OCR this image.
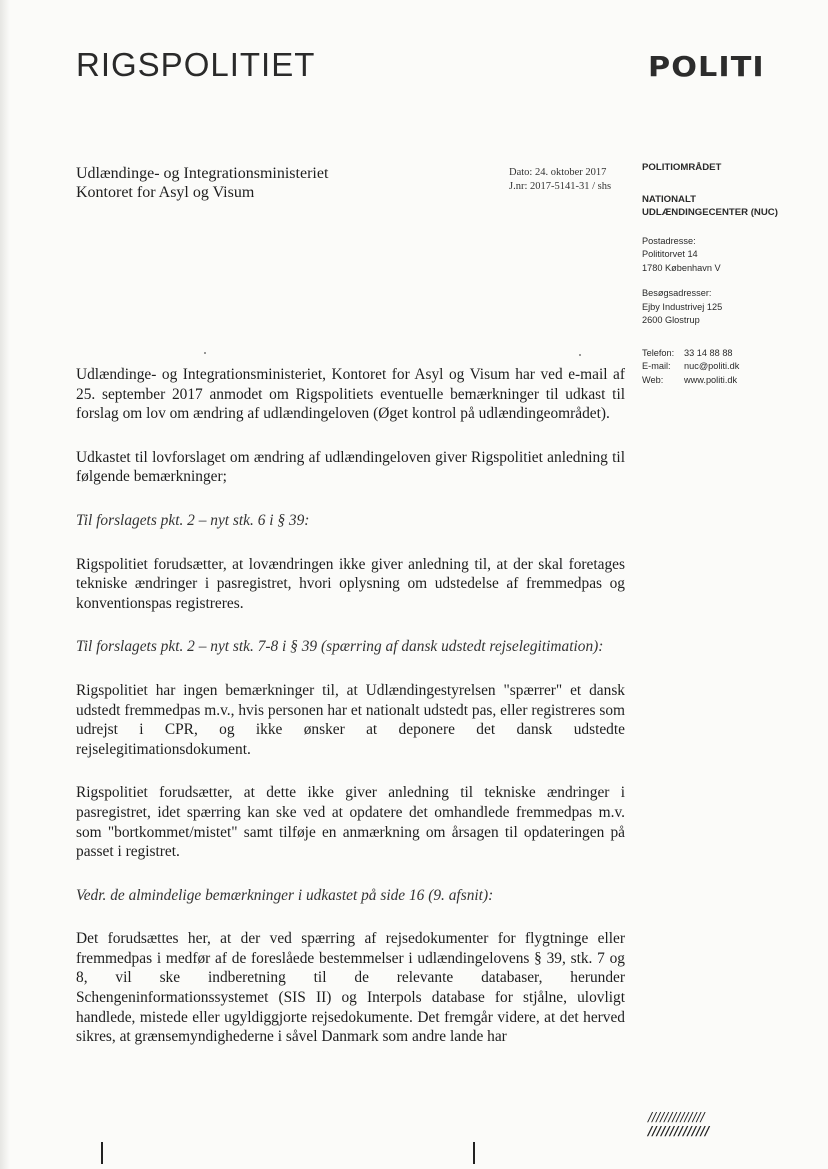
RIGSPOLITIET	POLITI
Udlændinge- og Integrationsministeriet
Kontoret for Asyl og Visum
Dato: 24. oktober 2017
J.nr: 2017-5141-31 / shs
POLITIOMRÅDET
NATIONALT
UDLÆNDINGECENTER (NUC)
Postadresse:
Polititorvet 14
1780 København V
Besøgsadresser:
Ejby Industrivej 125
2600 Glostrup
Telefon:	33 14 88 88
E-mail:	nuc@politi.dk
Web:	www.politi.dk

Udlændinge- og Integrationsministeriet, Kontoret for Asyl og Visum har ved e-mail af 25. september 2017 anmodet om Rigspolitiets eventuelle bemærkninger til udkast til forslag om lov om ændring af udlændingeloven (Øget kontrol på udlændingeområdet).

Udkastet til lovforslaget om ændring af udlændingeloven giver Rigspolitiet anledning til følgende bemærkninger;

Til forslagets pkt. 2 – nyt stk. 6 i § 39:

Rigspolitiet forudsætter, at lovændringen ikke giver anledning til, at der skal foretages tekniske ændringer i pasregistret, hvori oplysning om udstedelse af fremmedpas og konventionspas registreres.

Til forslagets pkt. 2 – nyt stk. 7-8 i § 39 (spærring af dansk udstedt rejselegitimation):

Rigspolitiet har ingen bemærkninger til, at Udlændingestyrelsen "spærrer" et dansk udstedt fremmedpas m.v., hvis personen har et nationalt udstedt pas, eller registreres som udrejst i CPR, og ikke ønsker at deponere det dansk udstedte rejselegitimationsdokument.

Rigspolitiet forudsætter, at dette ikke giver anledning til tekniske ændringer i pasregistret, idet spærring kan ske ved at opdatere det omhandlede fremmedpas m.v. som "bortkommet/mistet" samt tilføje en anmærkning om årsagen til opdateringen på passet i registret.

Vedr. de almindelige bemærkninger i udkastet på side 16 (9. afsnit):

Det forudsættes her, at der ved spærring af rejsedokumenter for flygtninge eller fremmedpas i medfør af de foreslåede bestemmelser i udlændingelovens § 39, stk. 7 og 8, vil ske indberetning til de relevante databaser, herunder Schengeninformationssystemet (SIS II) og Interpols database for stjålne, ulovligt handlede, mistede eller ugyldiggjorte rejsedokumente. Det fremgår videre, at det herved sikres, at grænsemyndighederne i såvel Danmark som andre lande har

//////////////
//////////////
